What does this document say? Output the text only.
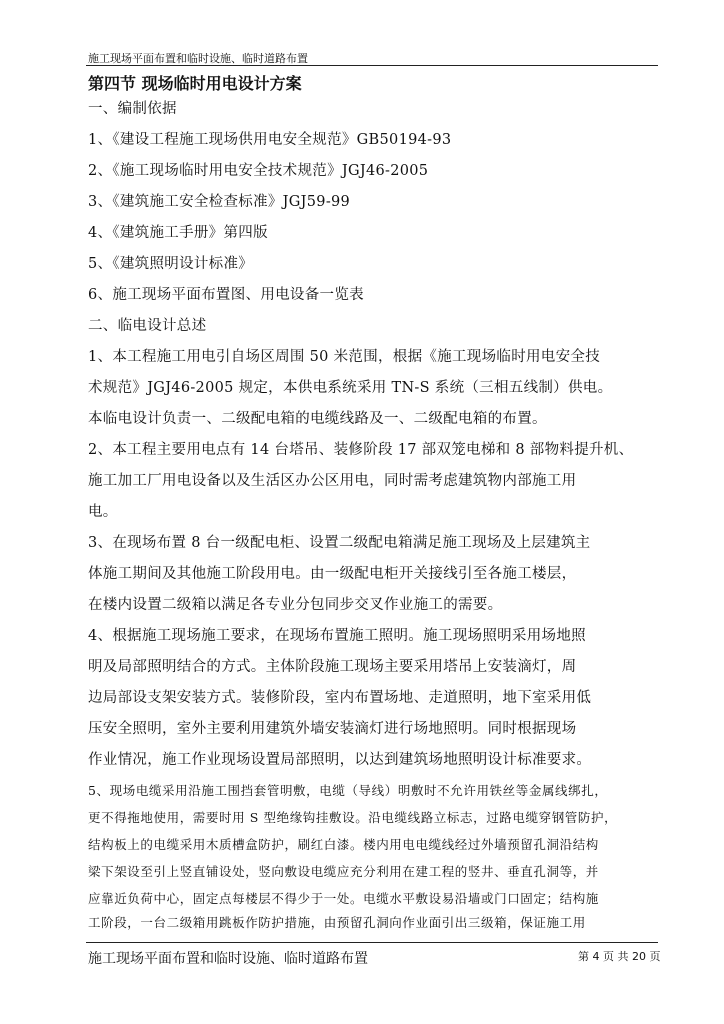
施工现场平面布置和临时设施、临时道路布置
第四节 现场临时用电设计方案
一、编制依据
1、《建设工程施工现场供用电安全规范》GB50194-93
2、《施工现场临时用电安全技术规范》JGJ46-2005
3、《建筑施工安全检查标准》JGJ59-99
4、《建筑施工手册》第四版
5、《建筑照明设计标准》
6、施工现场平面布置图、用电设备一览表
二、临电设计总述
1、本工程施工用电引自场区周围 50 米范围，根据《施工现场临时用电安全技
术规范》JGJ46-2005 规定，本供电系统采用 TN-S 系统（三相五线制）供电。
本临电设计负责一、二级配电箱的电缆线路及一、二级配电箱的布置。
2、本工程主要用电点有 14 台塔吊、装修阶段 17 部双笼电梯和 8 部物料提升机、
施工加工厂用电设备以及生活区办公区用电，同时需考虑建筑物内部施工用
电。
3、在现场布置 8 台一级配电柜、设置二级配电箱满足施工现场及上层建筑主
体施工期间及其他施工阶段用电。由一级配电柜开关接线引至各施工楼层，
在楼内设置二级箱以满足各专业分包同步交叉作业施工的需要。
4、根据施工现场施工要求，在现场布置施工照明。施工现场照明采用场地照
明及局部照明结合的方式。主体阶段施工现场主要采用塔吊上安装滴灯，周
边局部设支架安装方式。装修阶段，室内布置场地、走道照明，地下室采用低
压安全照明，室外主要利用建筑外墙安装滴灯进行场地照明。同时根据现场
作业情况，施工作业现场设置局部照明，以达到建筑场地照明设计标准要求。
5、现场电缆采用沿施工围挡套管明敷，电缆（导线）明敷时不允许用铁丝等金属线绑扎，
更不得拖地使用，需要时用 S 型绝缘钩挂敷设。沿电缆线路立标志，过路电缆穿钢管防护，
结构板上的电缆采用木质槽盒防护，刷红白漆。楼内用电电缆线经过外墙预留孔洞沿结构
梁下架设至引上竖直铺设处，竖向敷设电缆应充分利用在建工程的竖井、垂直孔洞等，并
应靠近负荷中心，固定点每楼层不得少于一处。电缆水平敷设易沿墙或门口固定；结构施
工阶段，一台二级箱用跳板作防护措施，由预留孔洞向作业面引出三级箱，保证施工用
施工现场平面布置和临时设施、临时道路布置	第 4 页 共 20 页
